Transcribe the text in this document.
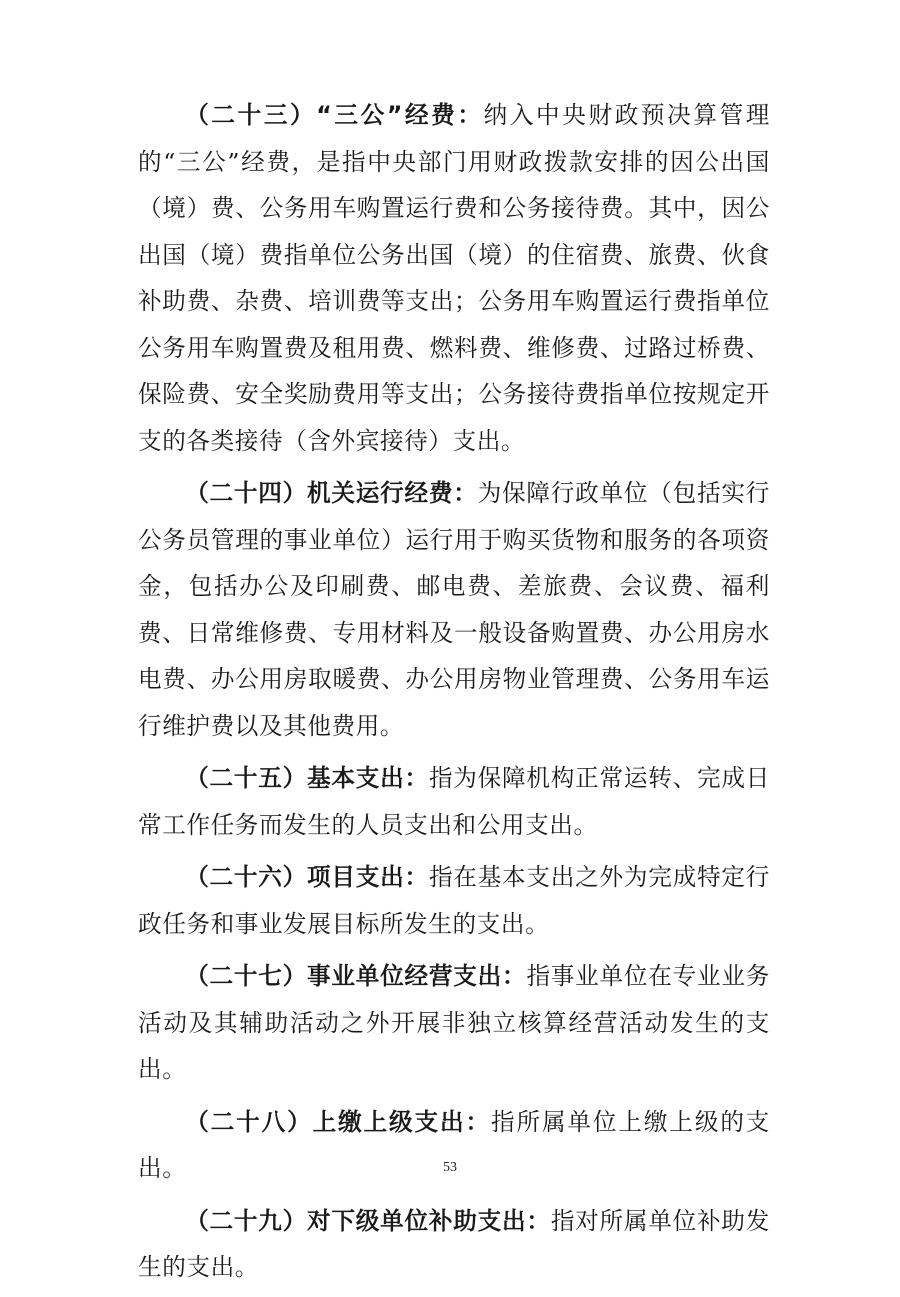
（二十三）“三公”经费：纳入中央财政预决算管理的“三公”经费，是指中央部门用财政拨款安排的因公出国（境）费、公务用车购置运行费和公务接待费。其中，因公出国（境）费指单位公务出国（境）的住宿费、旅费、伙食补助费、杂费、培训费等支出；公务用车购置运行费指单位公务用车购置费及租用费、燃料费、维修费、过路过桥费、保险费、安全奖励费用等支出；公务接待费指单位按规定开支的各类接待（含外宾接待）支出。

（二十四）机关运行经费：为保障行政单位（包括实行公务员管理的事业单位）运行用于购买货物和服务的各项资金，包括办公及印刷费、邮电费、差旅费、会议费、福利费、日常维修费、专用材料及一般设备购置费、办公用房水电费、办公用房取暖费、办公用房物业管理费、公务用车运行维护费以及其他费用。

（二十五）基本支出：指为保障机构正常运转、完成日常工作任务而发生的人员支出和公用支出。

（二十六）项目支出：指在基本支出之外为完成特定行政任务和事业发展目标所发生的支出。

（二十七）事业单位经营支出：指事业单位在专业业务活动及其辅助活动之外开展非独立核算经营活动发生的支出。

（二十八）上缴上级支出：指所属单位上缴上级的支出。

（二十九）对下级单位补助支出：指对所属单位补助发生的支出。

53
